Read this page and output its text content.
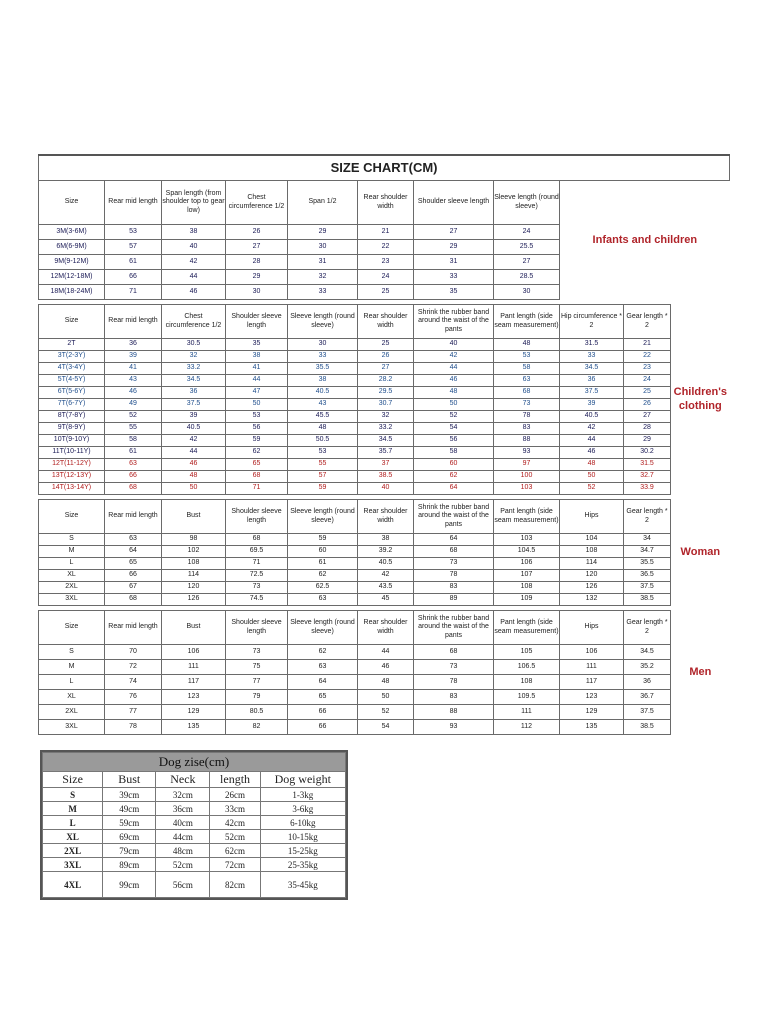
SIZE CHART(CM)										
Size	Rear mid length	Span length (from shoulder top to gear low)	Chest circumference 1/2	Span 1/2	Rear shoulder width	Shoulder sleeve length	Sleeve length (round sleeve)	Infants and children		
3M(3-6M)	53	38	26	29	21	27	24			
6M(6-9M)	57	40	27	30	22	29	25.5			
9M(9-12M)	61	42	28	31	23	31	27			
12M(12-18M)	66	44	29	32	24	33	28.5			
18M(18-24M)	71	46	30	33	25	35	30			

Size	Rear mid length	Chest circumference 1/2	Shoulder sleeve length	Sleeve length (round sleeve)	Rear shoulder width	Shrink the rubber band around the waist of the pants	Pant length (side seam measurement)	Hip circumference * 2	Gear length * 2	Children's clothing
2T	36	30.5	35	30	25	40	48	31.5	21	
3T(2-3Y)	39	32	38	33	26	42	53	33	22	
4T(3-4Y)	41	33.2	41	35.5	27	44	58	34.5	23	
5T(4-5Y)	43	34.5	44	38	28.2	46	63	36	24	
6T(5-6Y)	46	36	47	40.5	29.5	48	68	37.5	25	
7T(6-7Y)	49	37.5	50	43	30.7	50	73	39	26	
8T(7-8Y)	52	39	53	45.5	32	52	78	40.5	27	
9T(8-9Y)	55	40.5	56	48	33.2	54	83	42	28	
10T(9-10Y)	58	42	59	50.5	34.5	56	88	44	29	
11T(10-11Y)	61	44	62	53	35.7	58	93	46	30.2	
12T(11-12Y)	63	46	65	55	37	60	97	48	31.5	
13T(12-13Y)	66	48	68	57	38.5	62	100	50	32.7	
14T(13-14Y)	68	50	71	59	40	64	103	52	33.9	

Size	Rear mid length	Bust	Shoulder sleeve length	Sleeve length (round sleeve)	Rear shoulder width	Shrink the rubber band around the waist of the pants	Pant length (side seam measurement)	Hips	Gear length * 2	Woman
S	63	98	68	59	38	64	103	104	34	
M	64	102	69.5	60	39.2	68	104.5	108	34.7	
L	65	108	71	61	40.5	73	106	114	35.5	
XL	66	114	72.5	62	42	78	107	120	36.5	
2XL	67	120	73	62.5	43.5	83	108	126	37.5	
3XL	68	126	74.5	63	45	89	109	132	38.5	

Size	Rear mid length	Bust	Shoulder sleeve length	Sleeve length (round sleeve)	Rear shoulder width	Shrink the rubber band around the waist of the pants	Pant length (side seam measurement)	Hips	Gear length * 2	Men
S	70	106	73	62	44	68	105	106	34.5	
M	72	111	75	63	46	73	106.5	111	35.2	
L	74	117	77	64	48	78	108	117	36	
XL	76	123	79	65	50	83	109.5	123	36.7	
2XL	77	129	80.5	66	52	88	111	129	37.5	
3XL	78	135	82	66	54	93	112	135	38.5	
Dog zise(cm)				
Size	Bust	Neck	length	Dog weight
S	39cm	32cm	26cm	1-3kg
M	49cm	36cm	33cm	3-6kg
L	59cm	40cm	42cm	6-10kg
XL	69cm	44cm	52cm	10-15kg
2XL	79cm	48cm	62cm	15-25kg
3XL	89cm	52cm	72cm	25-35kg
4XL	99cm	56cm	82cm	35-45kg
